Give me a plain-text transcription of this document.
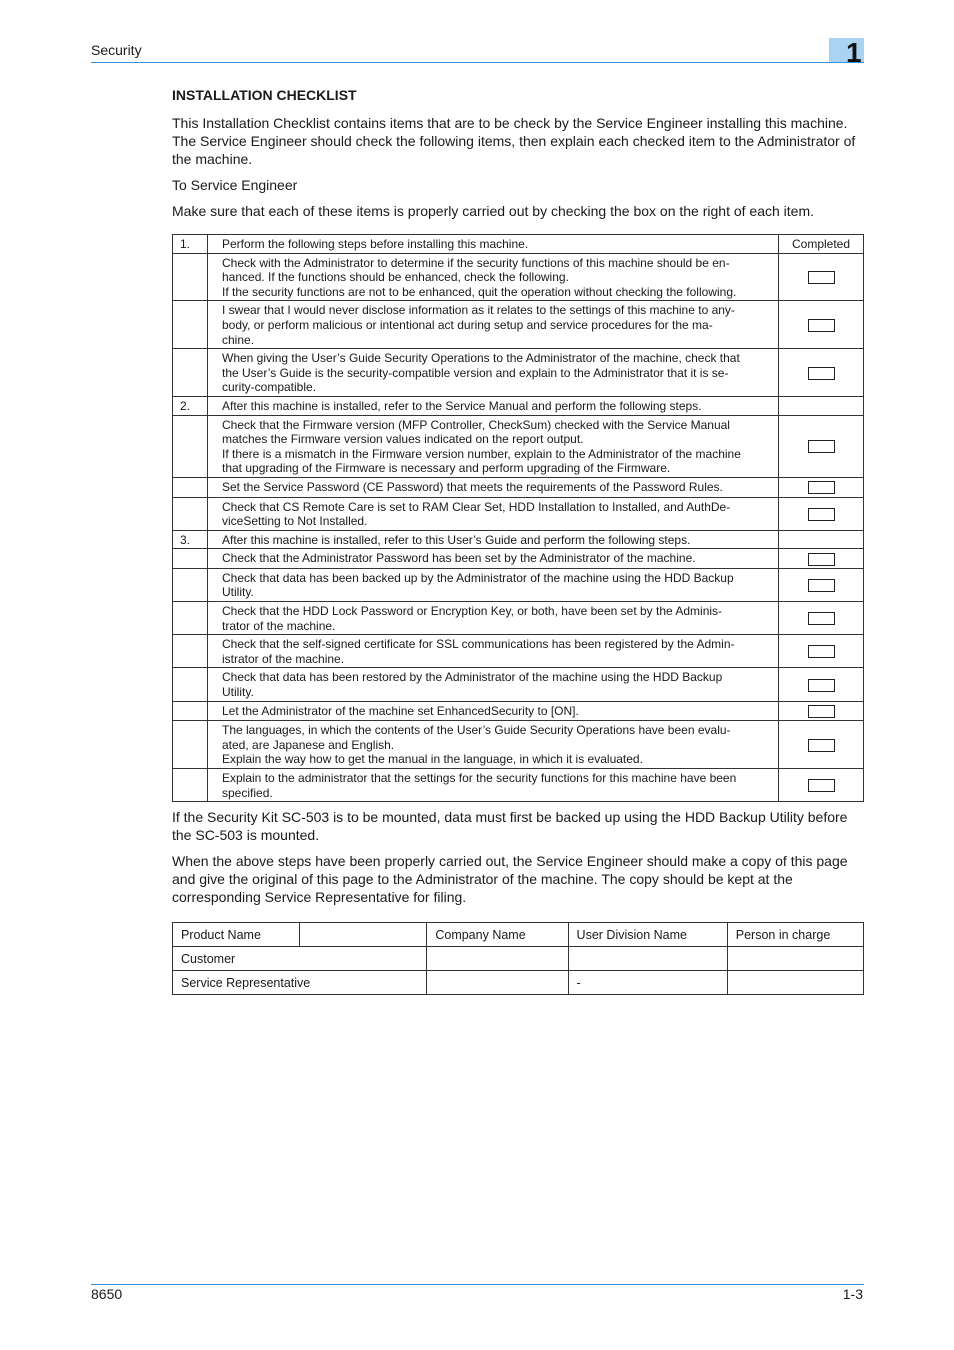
Security	1
INSTALLATION CHECKLIST

This Installation Checklist contains items that are to be check by the Service Engineer installing this machine.  The Service Engineer should check the following items, then explain each checked item to the Administrator of the machine.

To Service Engineer

Make sure that each of these items is properly carried out by checking the box on the right of each item.

1.	Perform the following steps before installing this machine.	Completed
	Check with the Administrator to determine if the security functions of this machine should be en-
hanced. If the functions should be enhanced, check the following.
If the security functions are not to be enhanced, quit the operation without checking the following.	
	I swear that I would never disclose information as it relates to the settings of this machine to any-
body, or perform malicious or intentional act during setup and service procedures for the ma-
chine.	
	When giving the User’s Guide Security Operations to the Administrator of the machine, check that
the User’s Guide is the security-compatible version and explain to the Administrator that it is se-
curity-compatible.	
2.	After this machine is installed, refer to the Service Manual and perform the following steps.	
	Check that the Firmware version (MFP Controller, CheckSum) checked with the Service Manual
matches the Firmware version values indicated on the report output.
If there is a mismatch in the Firmware version number, explain to the Administrator of the machine
that upgrading of the Firmware is necessary and perform upgrading of the Firmware.	
	Set the Service Password (CE Password) that meets the requirements of the Password Rules.	
	Check that CS Remote Care is set to RAM Clear Set, HDD Installation to Installed, and AuthDe-
viceSetting to Not Installed.	
3.	After this machine is installed, refer to this User’s Guide and perform the following steps.	
	Check that the Administrator Password has been set by the Administrator of the machine.	
	Check that data has been backed up by the Administrator of the machine using the HDD Backup
Utility.	
	Check that the HDD Lock Password or Encryption Key, or both, have been set by the Adminis-
trator of the machine.	
	Check that the self-signed certificate for SSL communications has been registered by the Admin-
istrator of the machine.	
	Check that data has been restored by the Administrator of the machine using the HDD Backup
Utility.	
	Let the Administrator of the machine set EnhancedSecurity to [ON].	
	The languages, in which the contents of the User’s Guide Security Operations have been evalu-
ated, are Japanese and English.
Explain the way how to get the manual in the language, in which it is evaluated.	
	Explain to the administrator that the settings for the security functions for this machine have been
specified.	

If the Security Kit SC-503 is to be mounted, data must first be backed up using the HDD Backup Utility before the SC-503 is mounted.

When the above steps have been properly carried out, the Service Engineer should make a copy of this page and give the original of this page to the Administrator of the machine. The copy should be kept at the corresponding Service Representative for filing.

Product Name		Company Name	User Division Name	Person in charge
Customer				
Service Representative			-	
8650	1-3
